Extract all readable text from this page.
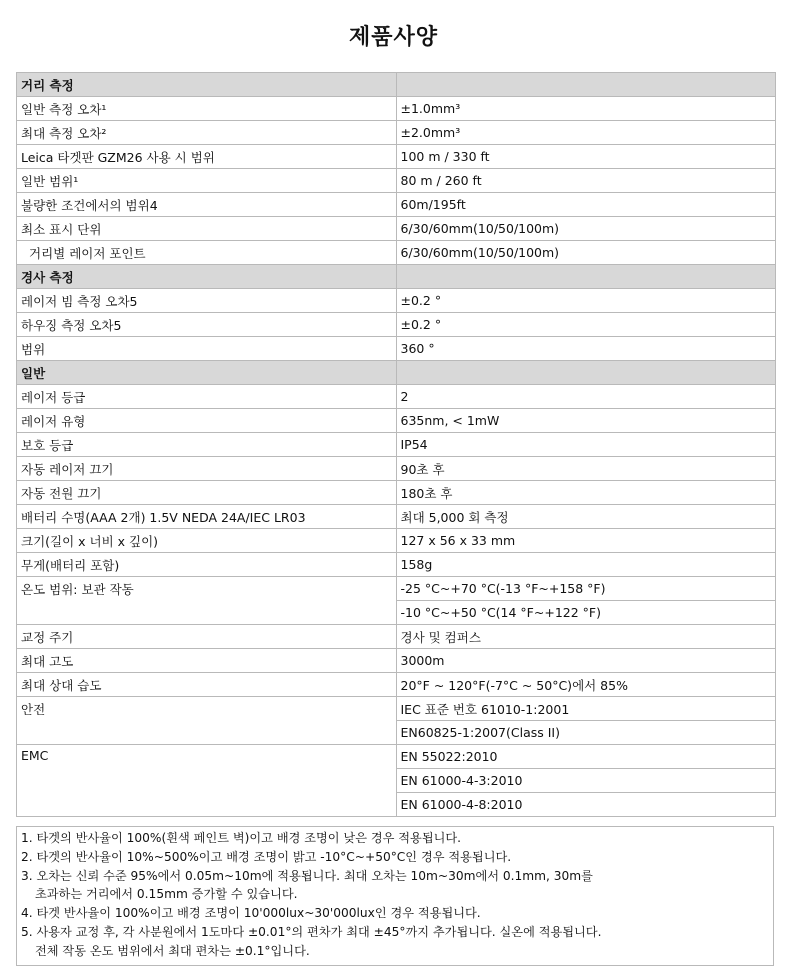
제품사양
거리 측정	
일반 측정 오차¹	±1.0mm³
최대 측정 오차²	±2.0mm³
Leica 타겟판 GZM26 사용 시 범위	100 m / 330 ft
일반 범위¹	80 m / 260 ft
불량한 조건에서의 범위4	60m/195ft
최소 표시 단위	6/30/60mm(10/50/100m)
거리별 레이저 포인트	6/30/60mm(10/50/100m)
경사 측정	
레이저 빔 측정 오차5	±0.2 °
하우징 측정 오차5	±0.2 °
범위	360 °
일반	
레이저 등급	2
레이저 유형	635nm, < 1mW
보호 등급	IP54
자동 레이저 끄기	90초 후
자동 전원 끄기	180초 후
배터리 수명(AAA 2개) 1.5V NEDA 24A/IEC LR03	최대 5,000 회 측정
크기(길이 x 너비 x 깊이)	127 x 56 x 33 mm
무게(배터리 포함)	158g
온도 범위: 보관 작동	-25 °C~+70 °C(-13 °F~+158 °F)
	-10 °C~+50 °C(14 °F~+122 °F)
교정 주기	경사 및 컴퍼스
최대 고도	3000m
최대 상대 습도	20°F ~ 120°F(-7°C ~ 50°C)에서 85%
안전	IEC 표준 번호 61010-1:2001
	EN60825-1:2007(Class II)
EMC	EN 55022:2010
	EN 61000-4-3:2010
	EN 61000-4-8:2010
1. 타겟의 반사율이 100%(흰색 페인트 벽)이고 배경 조명이 낮은 경우 적용됩니다.
2. 타겟의 반사율이 10%~500%이고 배경 조명이 밝고 -10°C~+50°C인 경우 적용됩니다.
3. 오차는 신뢰 수준 95%에서 0.05m~10m에 적용됩니다. 최대 오차는 10m~30m에서 0.1mm, 30m를
초과하는 거리에서 0.15mm 증가할 수 있습니다.
4. 타겟 반사율이 100%이고 배경 조명이 10'000lux~30'000lux인 경우 적용됩니다.
5. 사용자 교정 후, 각 사분원에서 1도마다 ±0.01°의 편차가 최대 ±45°까지 추가됩니다. 실온에 적용됩니다.
전체 작동 온도 범위에서 최대 편차는 ±0.1°입니다.
